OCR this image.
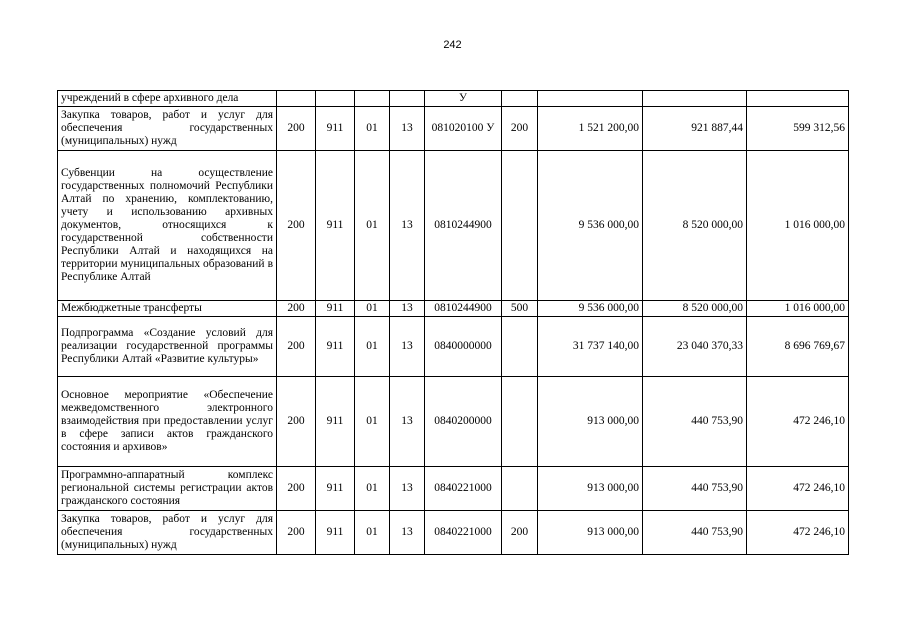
242
учреждений в сфере архивного дела					У				
Закупка товаров, работ и услуг для обеспечения государственных (муниципальных) нужд	200	911	01	13	081020100 У	200	1 521 200,00	921 887,44	599 312,56
Субвенции на осуществление государственных полномочий Республики Алтай по хранению, комплектованию, учету и использованию архивных документов, относящихся к государственной собственности Республики Алтай и находящихся на территории муниципальных образований в Республике Алтай	200	911	01	13	0810244900		9 536 000,00	8 520 000,00	1 016 000,00
Межбюджетные трансферты	200	911	01	13	0810244900	500	9 536 000,00	8 520 000,00	1 016 000,00
Подпрограмма «Создание условий для реализации государственной программы Республики Алтай «Развитие культуры»	200	911	01	13	0840000000		31 737 140,00	23 040 370,33	8 696 769,67
Основное мероприятие «Обеспечение межведомственного электронного взаимодействия при предоставлении услуг в сфере записи актов гражданского состояния и архивов»	200	911	01	13	0840200000		913 000,00	440 753,90	472 246,10
Программно-аппаратный комплекс региональной системы регистрации актов гражданского состояния	200	911	01	13	0840221000		913 000,00	440 753,90	472 246,10
Закупка товаров, работ и услуг для обеспечения государственных (муниципальных) нужд	200	911	01	13	0840221000	200	913 000,00	440 753,90	472 246,10
